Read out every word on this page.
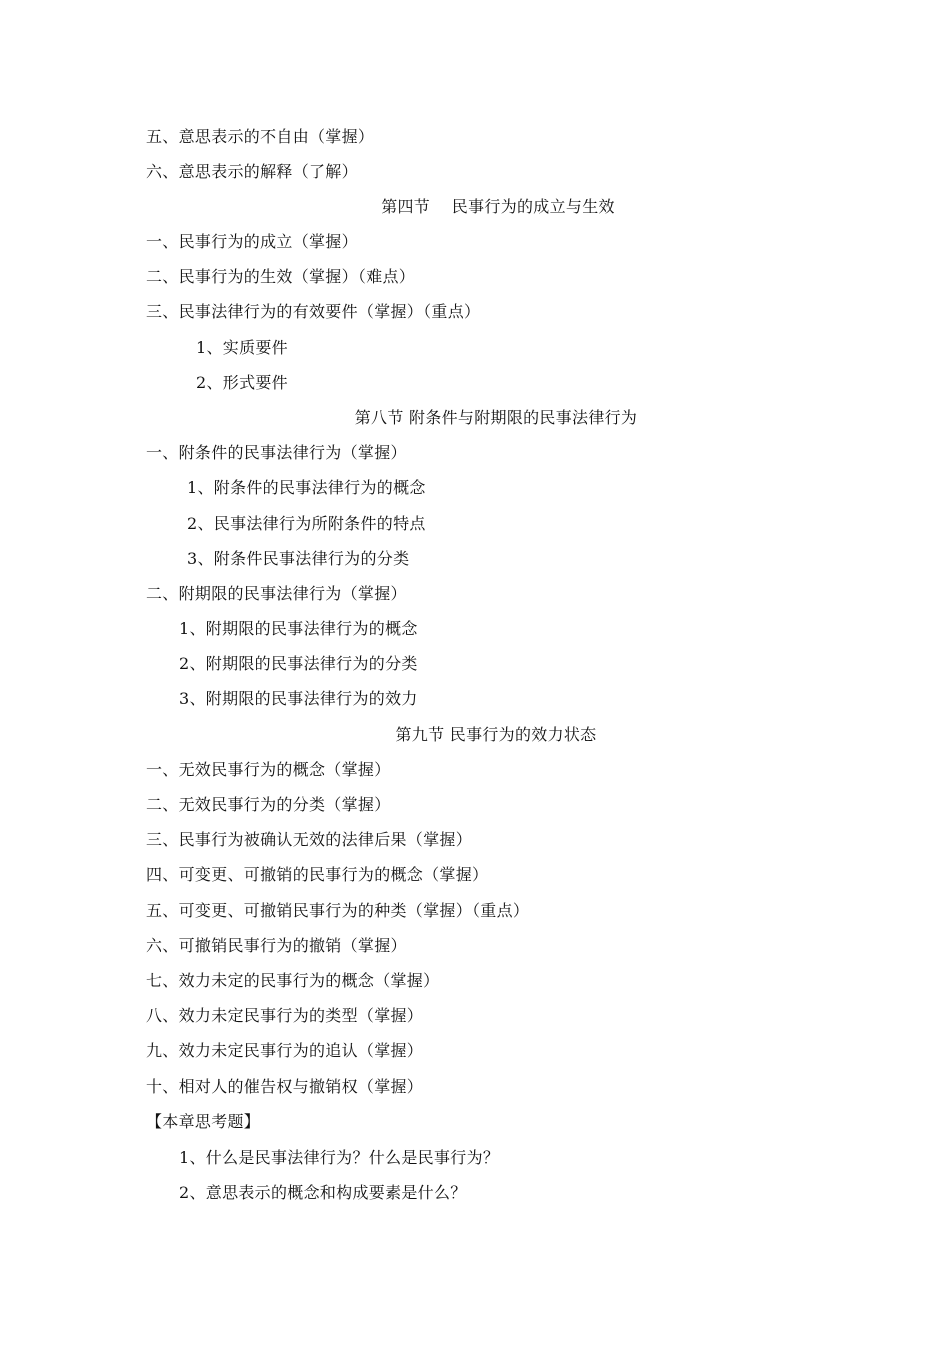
五、意思表示的不自由（掌握）
六、意思表示的解释（了解）
第四节　 民事行为的成立与生效
一、民事行为的成立（掌握）
二、民事行为的生效（掌握）（难点）
三、民事法律行为的有效要件（掌握）（重点）
1、实质要件
2、形式要件
第八节 附条件与附期限的民事法律行为
一、附条件的民事法律行为（掌握）
1、附条件的民事法律行为的概念
2、民事法律行为所附条件的特点
3、附条件民事法律行为的分类
二、附期限的民事法律行为（掌握）
1、附期限的民事法律行为的概念
2、附期限的民事法律行为的分类
3、附期限的民事法律行为的效力
第九节 民事行为的效力状态
一、无效民事行为的概念（掌握）
二、无效民事行为的分类（掌握）
三、民事行为被确认无效的法律后果（掌握）
四、可变更、可撤销的民事行为的概念（掌握）
五、可变更、可撤销民事行为的种类（掌握）（重点）
六、可撤销民事行为的撤销（掌握）
七、效力未定的民事行为的概念（掌握）
八、效力未定民事行为的类型（掌握）
九、效力未定民事行为的追认（掌握）
十、相对人的催告权与撤销权（掌握）
【本章思考题】
1、什么是民事法律行为？什么是民事行为？
2、意思表示的概念和构成要素是什么？
